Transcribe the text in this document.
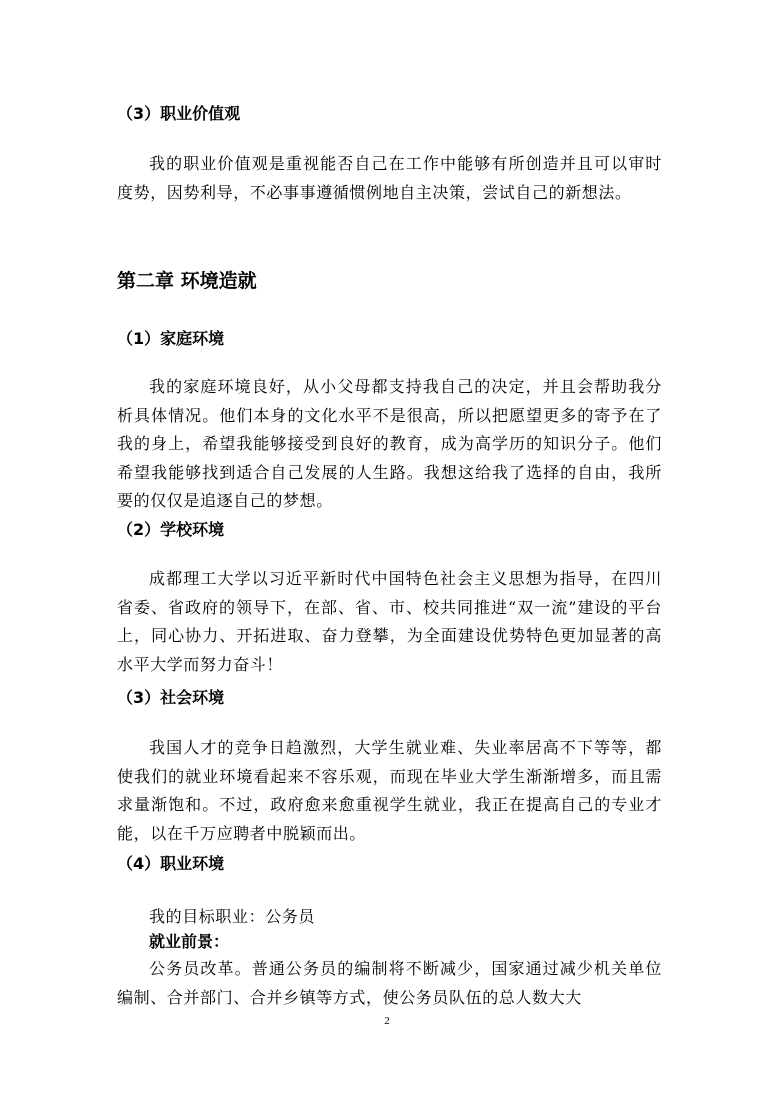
（3）职业价值观
我的职业价值观是重视能否自己在工作中能够有所创造并且可以审时度势，因势利导，不必事事遵循惯例地自主决策，尝试自己的新想法。
第二章 环境造就
（1）家庭环境
我的家庭环境良好，从小父母都支持我自己的决定，并且会帮助我分析具体情况。他们本身的文化水平不是很高，所以把愿望更多的寄予在了我的身上，希望我能够接受到良好的教育，成为高学历的知识分子。他们希望我能够找到适合自己发展的人生路。我想这给我了选择的自由，我所要的仅仅是追逐自己的梦想。
（2）学校环境
成都理工大学以习近平新时代中国特色社会主义思想为指导，在四川省委、省政府的领导下，在部、省、市、校共同推进“双一流”建设的平台上，同心协力、开拓进取、奋力登攀，为全面建设优势特色更加显著的高水平大学而努力奋斗！
（3）社会环境
我国人才的竞争日趋激烈，大学生就业难、失业率居高不下等等，都使我们的就业环境看起来不容乐观，而现在毕业大学生渐渐增多，而且需求量渐饱和。不过，政府愈来愈重视学生就业，我正在提高自己的专业才能，以在千万应聘者中脱颖而出。
（4）职业环境
我的目标职业：公务员
就业前景：
公务员改革。普通公务员的编制将不断减少，国家通过减少机关单位编制、合并部门、合并乡镇等方式，使公务员队伍的总人数大大
2
